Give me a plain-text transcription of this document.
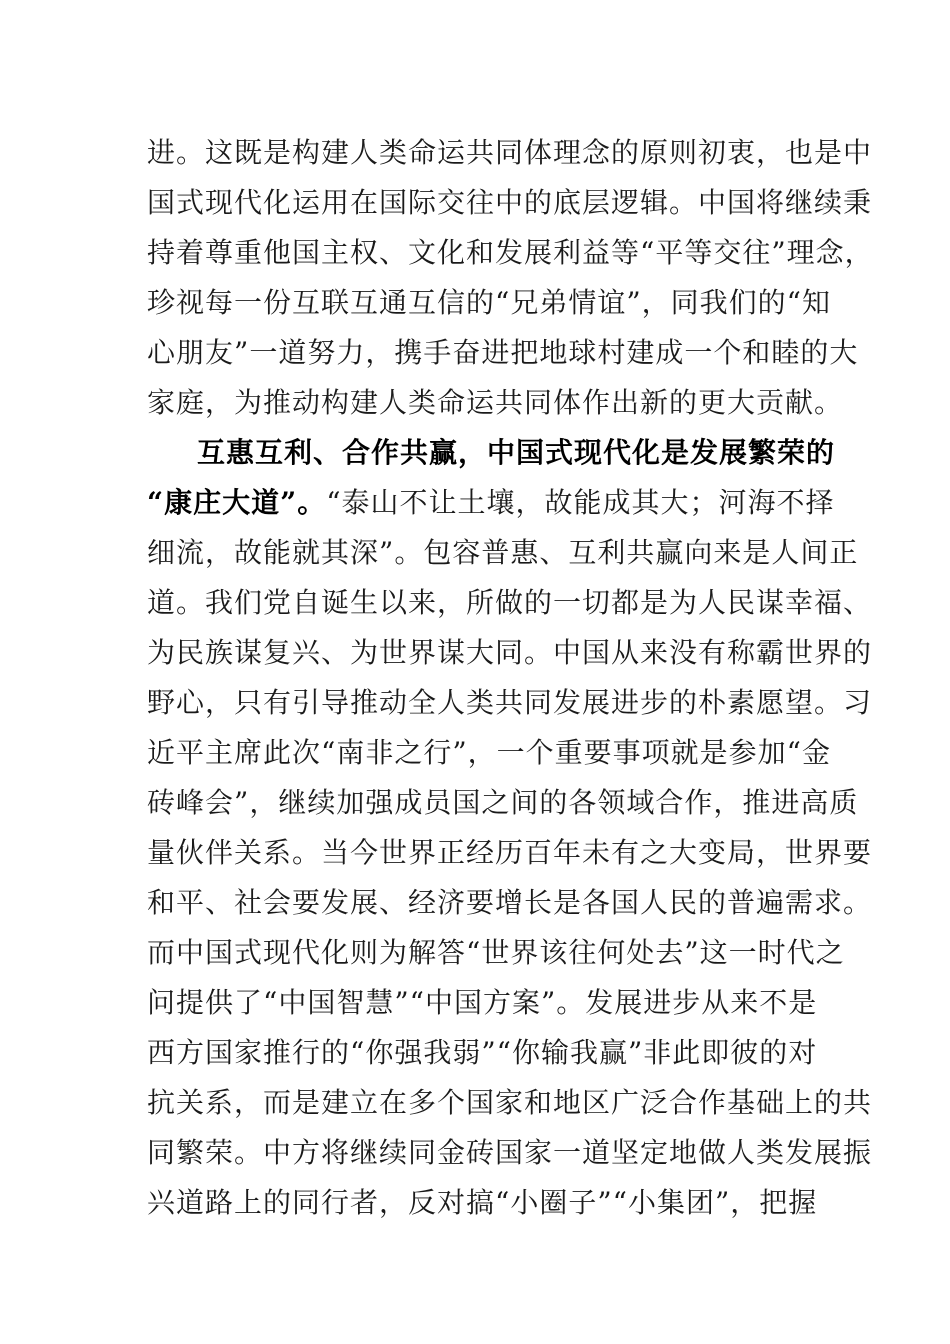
进。这既是构建人类命运共同体理念的原则初衷，也是中
国式现代化运用在国际交往中的底层逻辑。中国将继续秉
持着尊重他国主权、文化和发展利益等“平等交往”理念，
珍视每一份互联互通互信的“兄弟情谊”，同我们的“知
心朋友”一道努力，携手奋进把地球村建成一个和睦的大
家庭，为推动构建人类命运共同体作出新的更大贡献。
互惠互利、合作共赢，中国式现代化是发展繁荣的
“康庄大道”。“泰山不让土壤，故能成其大；河海不择
细流，故能就其深”。包容普惠、互利共赢向来是人间正
道。我们党自诞生以来，所做的一切都是为人民谋幸福、
为民族谋复兴、为世界谋大同。中国从来没有称霸世界的
野心，只有引导推动全人类共同发展进步的朴素愿望。习
近平主席此次“南非之行”，一个重要事项就是参加“金
砖峰会”，继续加强成员国之间的各领域合作，推进高质
量伙伴关系。当今世界正经历百年未有之大变局，世界要
和平、社会要发展、经济要增长是各国人民的普遍需求。
而中国式现代化则为解答“世界该往何处去”这一时代之
问提供了“中国智慧”“中国方案”。发展进步从来不是
西方国家推行的“你强我弱”“你输我赢”非此即彼的对
抗关系，而是建立在多个国家和地区广泛合作基础上的共
同繁荣。中方将继续同金砖国家一道坚定地做人类发展振
兴道路上的同行者，反对搞“小圈子”“小集团”，把握
